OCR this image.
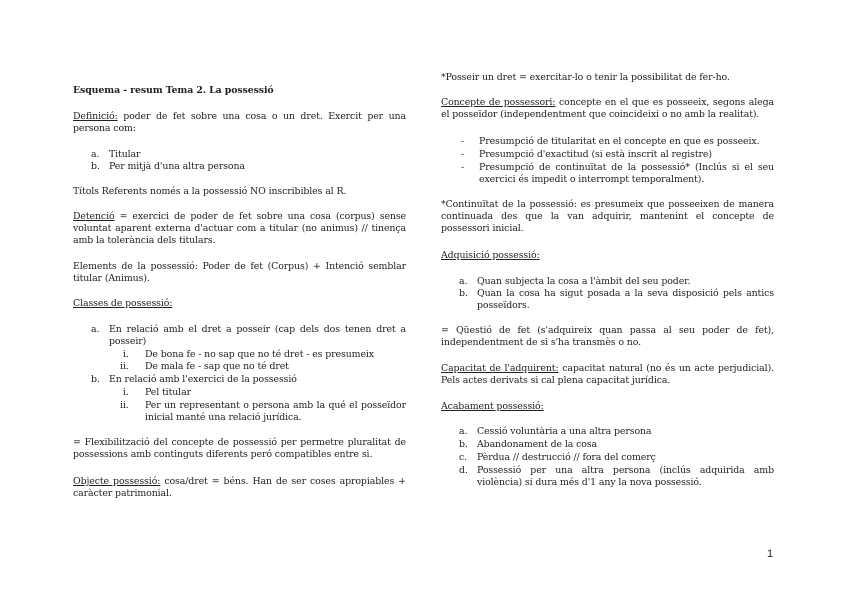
Esquema - resum Tema 2. La possessió
Definició: poder de fet sobre una cosa o un dret. Exercit per una persona com:
a. Titular
b. Per mitjà d'una altra persona
Títols Referents només a la possessió NO inscribibles al R.
Detenció = exercici de poder de fet sobre una cosa (corpus) sense voluntat aparent externa d'actuar com a titular (no animus) // tinença amb la tolerància dels titulars.
Elements de la possessió: Poder de fet (Corpus) + Intenció semblar titular (Animus).
Classes de possessió:
a. En relació amb el dret a posseir (cap dels dos tenen dret a posseir)
i. De bona fe - no sap que no té dret - es presumeix
ii. De mala fe - sap que no té dret
b. En relació amb l'exercici de la possessió
i. Pel titular
ii. Per un representant o persona amb la qué el posseïdor inicial manté una relació jurídica.
= Flexibilització del concepte de possessió per permetre pluralitat de possessions amb continguts diferents peró compatibles entre si.
Objecte possessió: cosa/dret = béns. Han de ser coses apropiables + caràcter patrimonial.
*Posseir un dret = exercitar-lo o tenir la possibilitat de fer-ho.
Concepte de possessori: concepte en el que es posseeix, segons alega el posseïdor (independentment que coincideixi o no amb la realitat).
- Presumpció de titularitat en el concepte en que es posseeix.
- Presumpció d'exactitud (si està inscrit al registre)
- Presumpció de continuïtat de la possessió* (Inclús si el seu exercici és impedit o interrompt temporalment).
*Continuïtat de la possessió: es presumeix que posseeixen de manera continuada des que la van adquirir, mantenint el concepte de possessori inicial.
Adquisició possessió:
a. Quan subjecta la cosa a l'àmbit del seu poder.
b. Quan la cosa ha sigut posada a la seva disposició pels antics posseïdors.
= Qüestió de fet (s'adquireix quan passa al seu poder de fet), independentment de si s'ha transmès o no.
Capacitat de l'adquirent: capacitat natural (no és un acte perjudicial). Pels actes derivats si cal plena capacitat jurídica.
Acabament possessió:
a. Cessió voluntària a una altra persona
b. Abandonament de la cosa
c. Pèrdua // destrucció // fora del comerç
d. Possessió per una altra persona (inclús adquirida amb violència) si dura més d'1 any la nova possessió.
1
